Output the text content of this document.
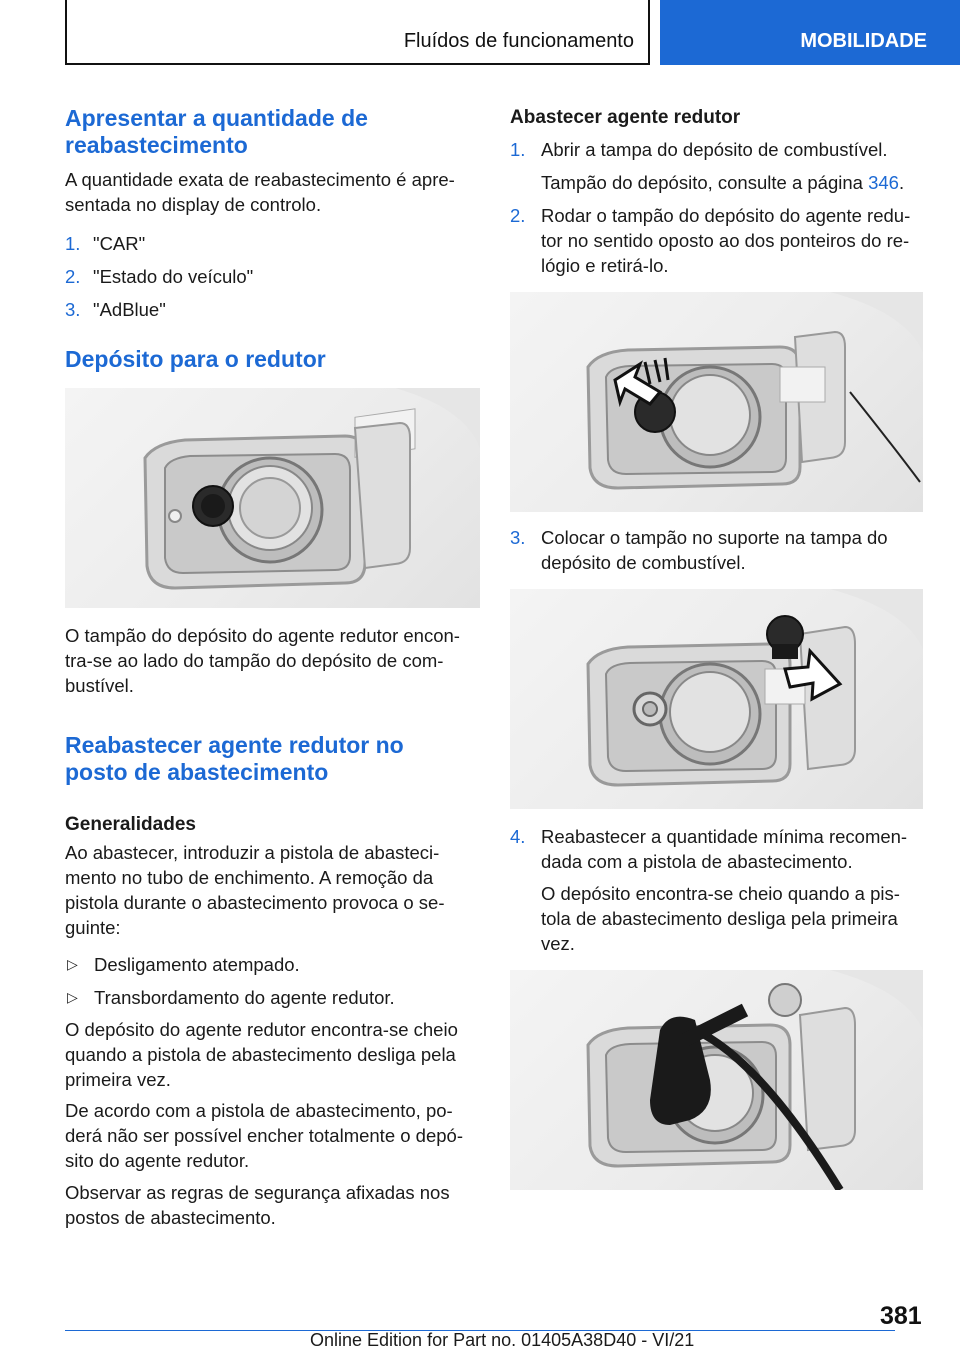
Fluídos de funcionamento	MOBILIDADE
Apresentar a quantidade de
reabastecimento
A quantidade exata de reabastecimento é apre-
sentada no display de controlo.
1. "CAR"
2. "Estado do veículo"
3. "AdBlue"
Depósito para o redutor
O tampão do depósito do agente redutor encon-
tra-se ao lado do tampão do depósito de com-
bustível.
Reabastecer agente redutor no
posto de abastecimento
Generalidades
Ao abastecer, introduzir a pistola de abasteci-
mento no tubo de enchimento. A remoção da
pistola durante o abastecimento provoca o se-
guinte:
▷ Desligamento atempado.
▷ Transbordamento do agente redutor.
O depósito do agente redutor encontra-se cheio
quando a pistola de abastecimento desliga pela
primeira vez.
De acordo com a pistola de abastecimento, po-
derá não ser possível encher totalmente o depó-
sito do agente redutor.
Observar as regras de segurança afixadas nos
postos de abastecimento.
Abastecer agente redutor
1. Abrir a tampa do depósito de combustível.
Tampão do depósito, consulte a página 346.
2. Rodar o tampão do depósito do agente redu-
tor no sentido oposto ao dos ponteiros do re-
lógio e retirá-lo.
3. Colocar o tampão no suporte na tampa do
depósito de combustível.
4. Reabastecer a quantidade mínima recomen-
dada com a pistola de abastecimento.
O depósito encontra-se cheio quando a pis-
tola de abastecimento desliga pela primeira
vez.
381
Online Edition for Part no. 01405A38D40 - VI/21
